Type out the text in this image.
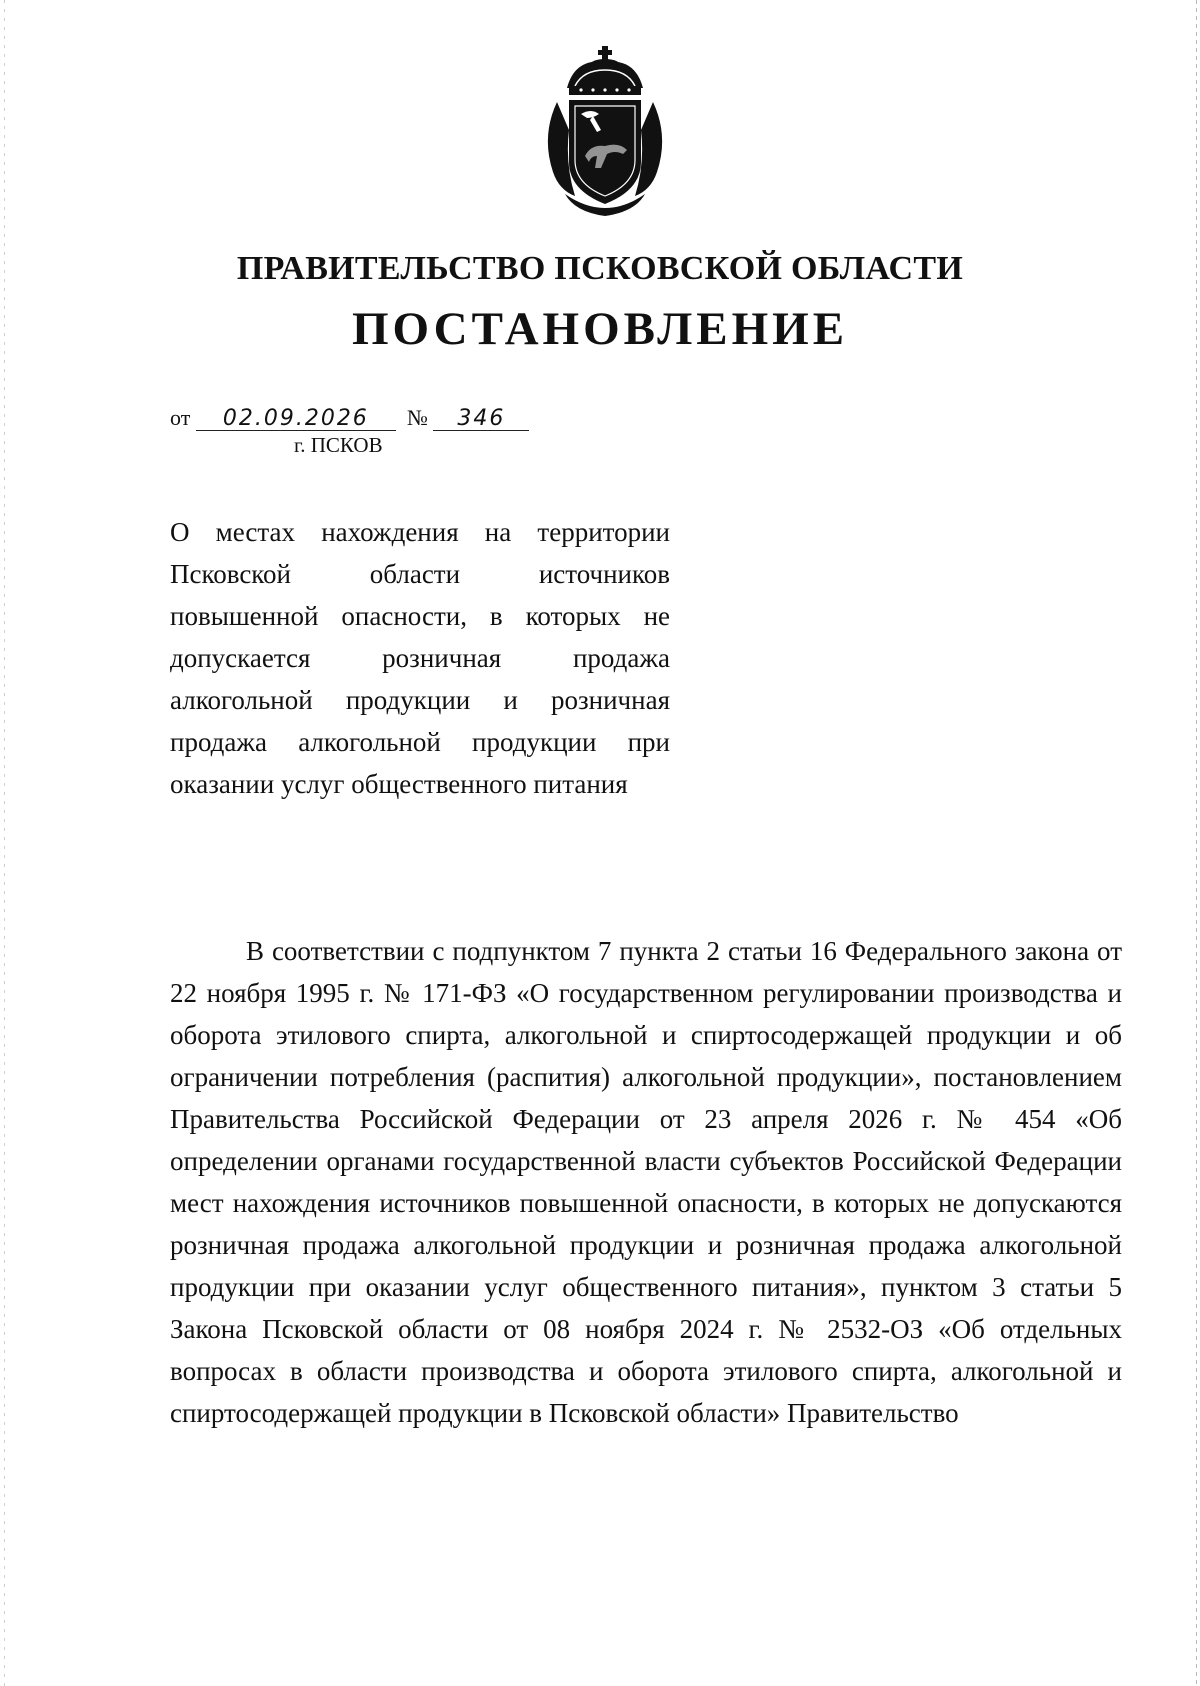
ПРАВИТЕЛЬСТВО ПСКОВСКОЙ ОБЛАСТИ
ПОСТАНОВЛЕНИЕ
от 02.09.2026 № 346
г. ПСКОВ
О местах нахождения на территории Псковской области источников повышенной опасности, в которых не допускается розничная продажа алкогольной продукции и розничная продажа алкогольной продукции при оказании услуг общественного питания
В соответствии с подпунктом 7 пункта 2 статьи 16 Федерального закона от 22 ноября 1995 г. № 171-ФЗ «О государственном регулировании производства и оборота этилового спирта, алкогольной и спиртосодержащей продукции и об ограничении потребления (распития) алкогольной продукции», постановлением Правительства Российской Федерации от 23 апреля 2026 г. № 454 «Об определении органами государственной власти субъектов Российской Федерации мест нахождения источников повышенной опасности, в которых не допускаются розничная продажа алкогольной продукции и розничная продажа алкогольной продукции при оказании услуг общественного питания», пунктом 3 статьи 5 Закона Псковской области от 08 ноября 2024 г. № 2532-ОЗ «Об отдельных вопросах в области производства и оборота этилового спирта, алкогольной и спиртосодержащей продукции в Псковской области» Правительство
